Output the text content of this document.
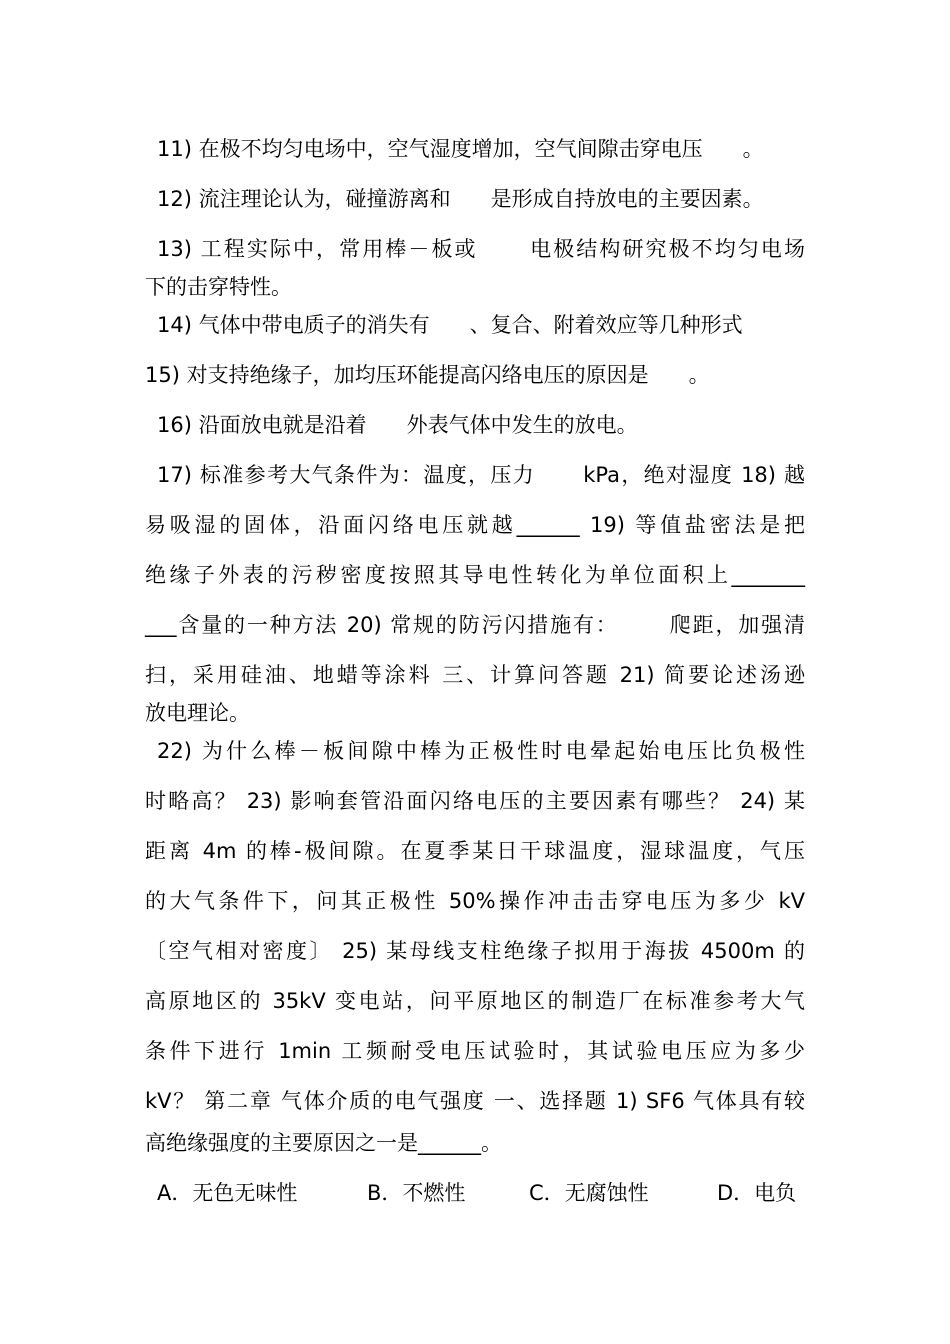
11) 在极不均匀电场中，空气湿度增加，空气间隙击穿电压      。
12) 流注理论认为，碰撞游离和      是形成自持放电的主要因素。
13) 工程实际中，常用棒－板或      电极结构研究极不均匀电场
下的击穿特性。
14) 气体中带电质子的消失有      、复合、附着效应等几种形式
15) 对支持绝缘子，加均压环能提高闪络电压的原因是      。
16) 沿面放电就是沿着      外表气体中发生的放电。
17) 标准参考大气条件为：温度，压力      kPa，绝对湿度 18) 越
易吸湿的固体，沿面闪络电压就越______ 19) 等值盐密法是把
绝缘子外表的污秽密度按照其导电性转化为单位面积上_______
___含量的一种方法 20) 常规的防污闪措施有：      爬距，加强清
扫，采用硅油、地蜡等涂料 三、计算问答题 21) 简要论述汤逊
放电理论。
22) 为什么棒－板间隙中棒为正极性时电晕起始电压比负极性
时略高？ 23) 影响套管沿面闪络电压的主要因素有哪些？ 24) 某
距离 4m 的棒-极间隙。在夏季某日干球温度，湿球温度，气压
的大气条件下，问其正极性 50%操作冲击击穿电压为多少 kV
〔空气相对密度〕 25) 某母线支柱绝缘子拟用于海拔 4500m 的
高原地区的 35kV 变电站，问平原地区的制造厂在标准参考大气
条件下进行 1min 工频耐受电压试验时，其试验电压应为多少
kV？ 第二章 气体介质的电气强度 一、选择题 1) SF6 气体具有较
高绝缘强度的主要原因之一是______。
A．无色无味性	B．不燃性	C．无腐蚀性	D．电负
